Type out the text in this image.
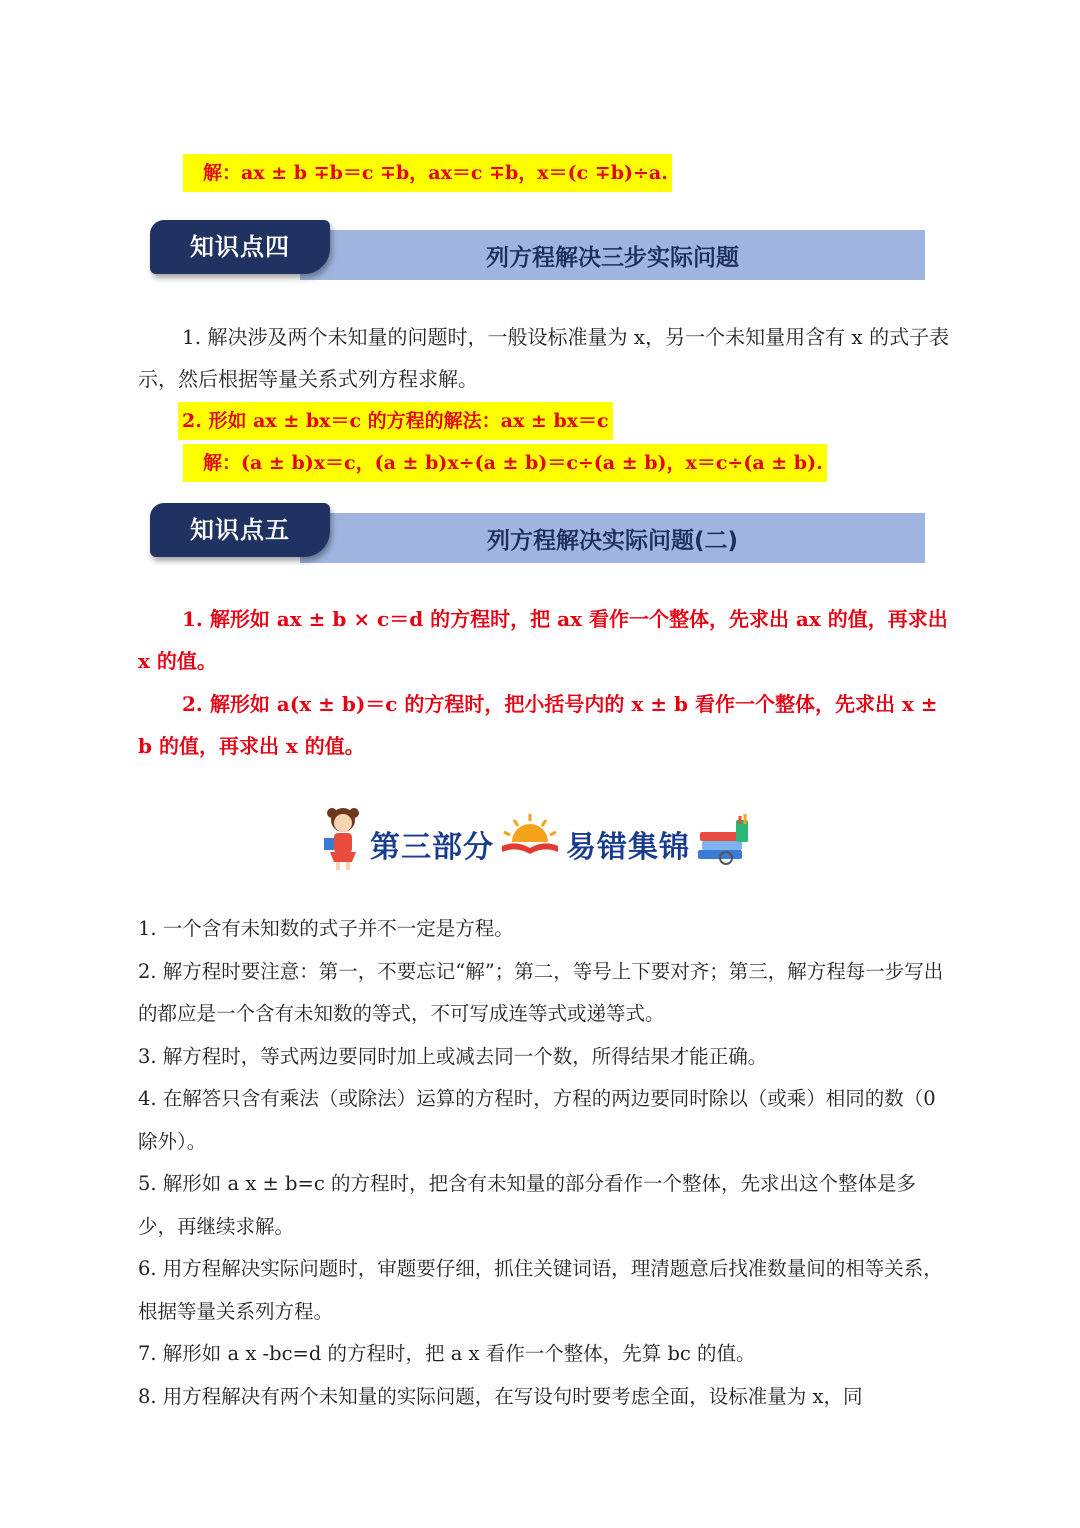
解：ax ± b ∓b＝c ∓b，ax＝c ∓b，x＝(c ∓b)÷a.
列方程解决三步实际问题
知识点四
1. 解决涉及两个未知量的问题时，一般设标准量为 x，另一个未知量用含有 x 的式子表示，然后根据等量关系式列方程求解。
2. 形如 ax ± bx＝c 的方程的解法：ax ± bx＝c
解：(a ± b)x＝c，(a ± b)x÷(a ± b)＝c÷(a ± b)，x＝c÷(a ± b).
列方程解决实际问题(二)
知识点五
1. 解形如 ax ± b × c＝d 的方程时，把 ax 看作一个整体，先求出 ax 的值，再求出 x 的值。
2. 解形如 a(x ± b)＝c 的方程时，把小括号内的 x ± b 看作一个整体，先求出 x ± b 的值，再求出 x 的值。
第三部分 易错集锦

1. 一个含有未知数的式子并不一定是方程。

2. 解方程时要注意：第一，不要忘记“解”；第二，等号上下要对齐；第三，解方程每一步写出的都应是一个含有未知数的等式，不可写成连等式或递等式。

3. 解方程时，等式两边要同时加上或减去同一个数，所得结果才能正确。

4. 在解答只含有乘法（或除法）运算的方程时，方程的两边要同时除以（或乘）相同的数（0 除外）。

5. 解形如 a x ± b=c 的方程时，把含有未知量的部分看作一个整体，先求出这个整体是多少，再继续求解。

6. 用方程解决实际问题时，审题要仔细，抓住关键词语，理清题意后找准数量间的相等关系，根据等量关系列方程。

7. 解形如 a x -bc=d 的方程时，把 a x 看作一个整体，先算 bc 的值。

8. 用方程解决有两个未知量的实际问题，在写设句时要考虑全面，设标准量为 x，同
